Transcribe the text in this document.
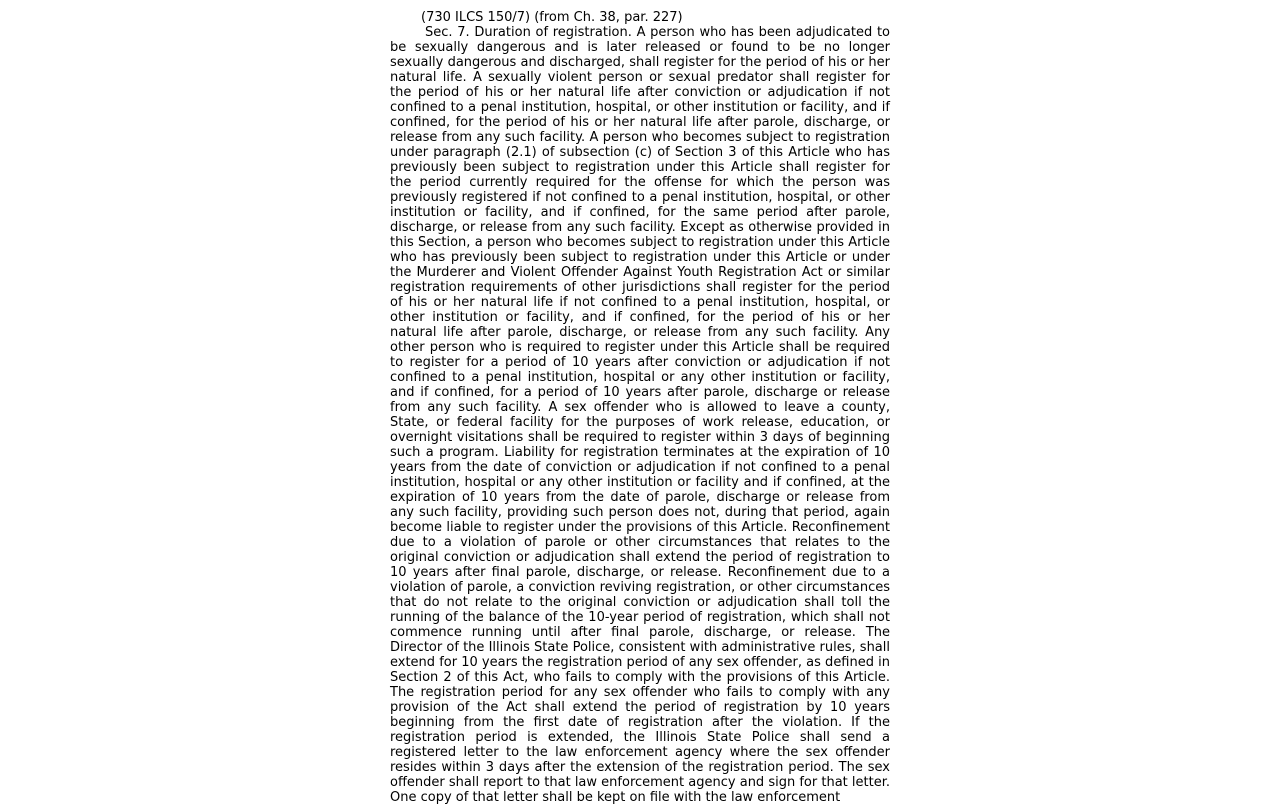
(730 ILCS 150/7) (from Ch. 38, par. 227)

Sec. 7. Duration of registration. A person who has been adjudicated to be sexually dangerous and is later released or found to be no longer sexually dangerous and discharged, shall register for the period of his or her natural life. A sexually violent person or sexual predator shall register for the period of his or her natural life after conviction or adjudication if not confined to a penal institution, hospital, or other institution or facility, and if confined, for the period of his or her natural life after parole, discharge, or release from any such facility. A person who becomes subject to registration under paragraph (2.1) of subsection (c) of Section 3 of this Article who has previously been subject to registration under this Article shall register for the period currently required for the offense for which the person was previously registered if not confined to a penal institution, hospital, or other institution or facility, and if confined, for the same period after parole, discharge, or release from any such facility. Except as otherwise provided in this Section, a person who becomes subject to registration under this Article who has previously been subject to registration under this Article or under the Murderer and Violent Offender Against Youth Registration Act or similar registration requirements of other jurisdictions shall register for the period of his or her natural life if not confined to a penal institution, hospital, or other institution or facility, and if confined, for the period of his or her natural life after parole, discharge, or release from any such facility. Any other person who is required to register under this Article shall be required to register for a period of 10 years after conviction or adjudication if not confined to a penal institution, hospital or any other institution or facility, and if confined, for a period of 10 years after parole, discharge or release from any such facility. A sex offender who is allowed to leave a county, State, or federal facility for the purposes of work release, education, or overnight visitations shall be required to register within 3 days of beginning such a program. Liability for registration terminates at the expiration of 10 years from the date of conviction or adjudication if not confined to a penal institution, hospital or any other institution or facility and if confined, at the expiration of 10 years from the date of parole, discharge or release from any such facility, providing such person does not, during that period, again become liable to register under the provisions of this Article. Reconfinement due to a violation of parole or other circumstances that relates to the original conviction or adjudication shall extend the period of registration to 10 years after final parole, discharge, or release. Reconfinement due to a violation of parole, a conviction reviving registration, or other circumstances that do not relate to the original conviction or adjudication shall toll the running of the balance of the 10-year period of registration, which shall not commence running until after final parole, discharge, or release. The Director of the Illinois State Police, consistent with administrative rules, shall extend for 10 years the registration period of any sex offender, as defined in Section 2 of this Act, who fails to comply with the provisions of this Article. The registration period for any sex offender who fails to comply with any provision of the Act shall extend the period of registration by 10 years beginning from the first date of registration after the violation. If the registration period is extended, the Illinois State Police shall send a registered letter to the law enforcement agency where the sex offender resides within 3 days after the extension of the registration period. The sex offender shall report to that law enforcement agency and sign for that letter. One copy of that letter shall be kept on file with the law enforcement
